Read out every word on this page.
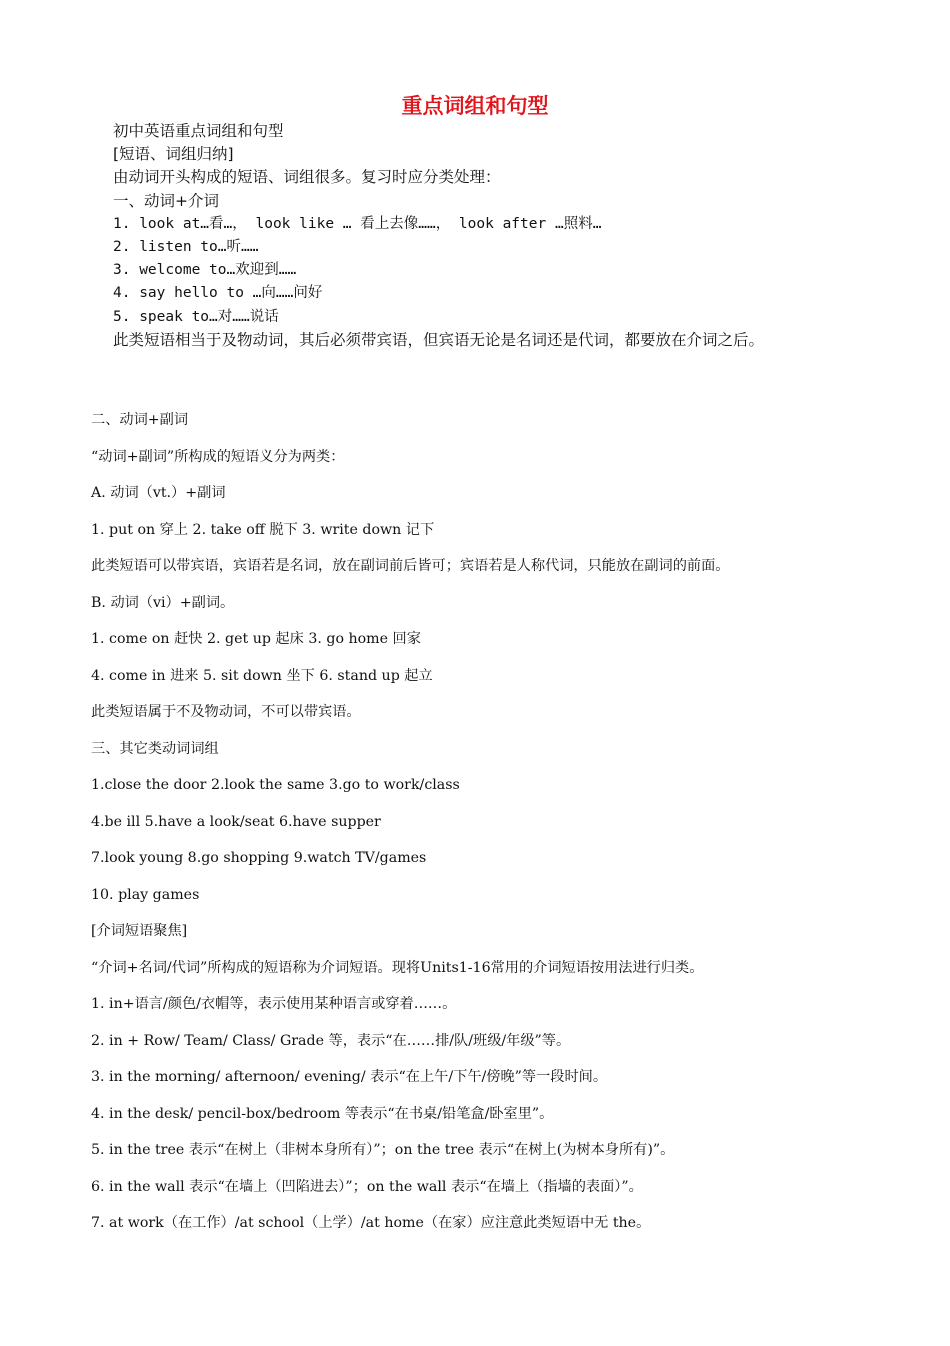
重点词组和句型
初中英语重点词组和句型
[短语、词组归纳]
由动词开头构成的短语、词组很多。复习时应分类处理：
一、动词+介词
1. look at…看…， look like … 看上去像……， look after …照料…
2. listen to…听……
3. welcome to…欢迎到……
4. say hello to …向……问好
5. speak to…对……说话
此类短语相当于及物动词，其后必须带宾语，但宾语无论是名词还是代词，都要放在介词之后。
二、动词+副词
“动词+副词”所构成的短语义分为两类：
A. 动词（vt.）+副词
1. put on 穿上 2. take off 脱下 3. write down 记下
此类短语可以带宾语，宾语若是名词，放在副词前后皆可；宾语若是人称代词，只能放在副词的前面。
B. 动词（vi）+副词。
1. come on 赶快 2. get up 起床 3. go home 回家
4. come in 进来 5. sit down 坐下 6. stand up 起立
此类短语属于不及物动词，不可以带宾语。
三、其它类动词词组
1.close the door 2.look the same 3.go to work/class
4.be ill 5.have a look/seat 6.have supper
7.look young 8.go shopping 9.watch TV/games
10. play games
[介词短语聚焦]
“介词+名词/代词”所构成的短语称为介词短语。现将Units1-16常用的介词短语按用法进行归类。
1. in+语言/颜色/衣帽等，表示使用某种语言或穿着……。
2. in + Row/ Team/ Class/ Grade 等，表示“在……排/队/班级/年级”等。
3. in the morning/ afternoon/ evening/ 表示“在上午/下午/傍晚”等一段时间。
4. in the desk/ pencil-box/bedroom 等表示“在书桌/铅笔盒/卧室里”。
5. in the tree 表示“在树上（非树本身所有）”；on the tree 表示“在树上(为树本身所有)”。
6. in the wall 表示“在墙上（凹陷进去）”；on the wall 表示“在墙上（指墙的表面）”。
7. at work（在工作）/at school（上学）/at home（在家）应注意此类短语中无 the。
